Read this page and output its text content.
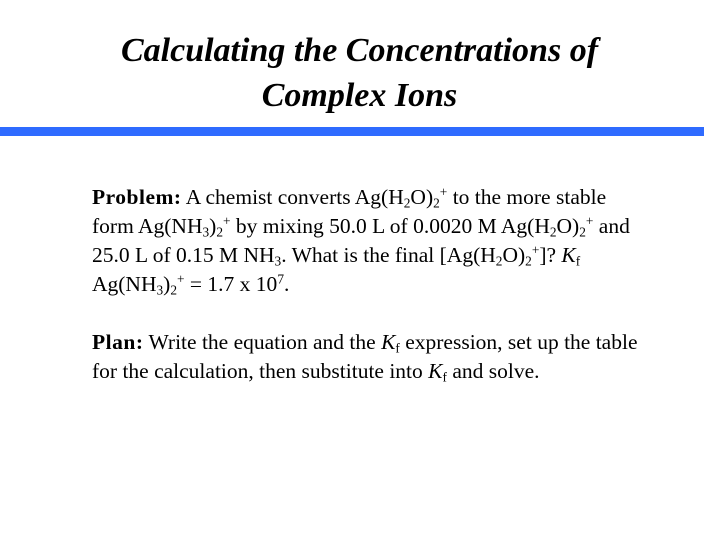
Calculating the Concentrations of
Complex Ions

Problem: A chemist converts $Ag(H_2O)_2^+$ to the more stable form $Ag(NH_3)_2^+$ by mixing 50.0 L of 0.0020 M $Ag(H_2O)_2^+$ and 25.0 L of 0.15 M $NH_3$. What is the final $[Ag(H_2O)_2^+]$? $K_f$ $Ag(NH_3)_2^+ = 1.7$ x $10^7$.

Plan: Write the equation and the $K_f$ expression, set up the table for the calculation, then substitute into $K_f$ and solve.
